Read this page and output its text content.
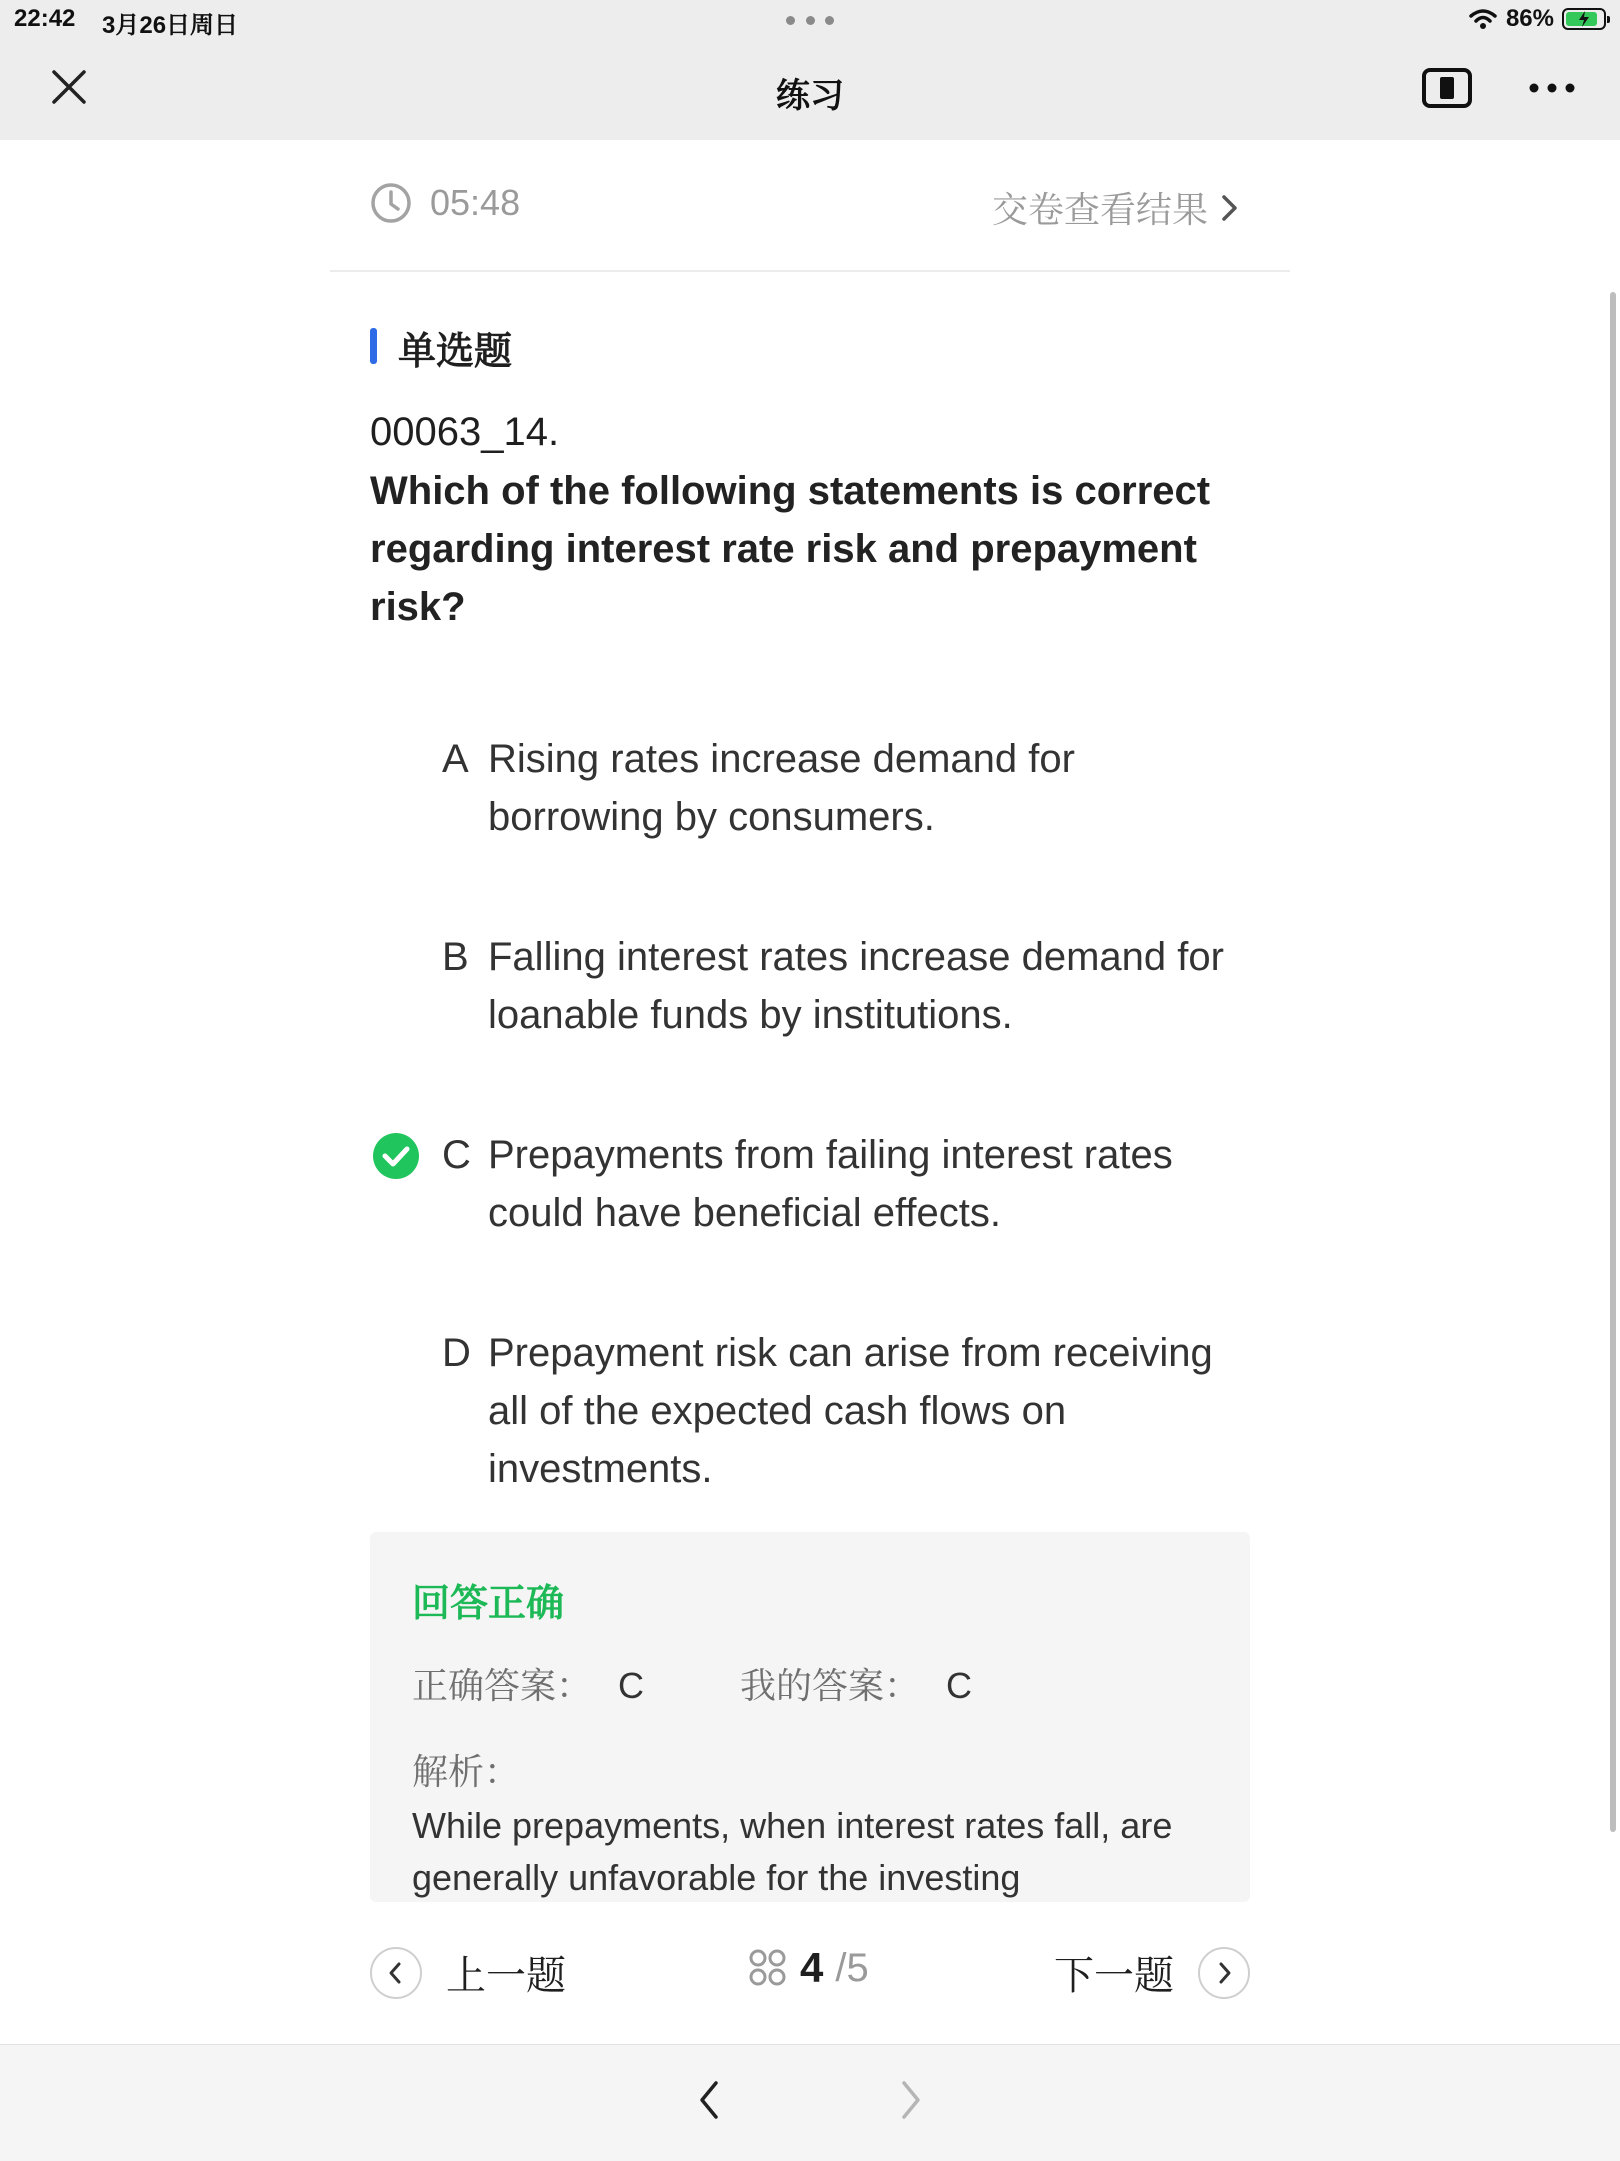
22:42 3月26日周日	86%
练习
05:48	交卷查看结果
单选题
00063_14.
Which of the following statements is correct regarding interest rate risk and prepayment risk?
A Rising rates increase demand for borrowing by consumers.
B Falling interest rates increase demand for loanable funds by institutions.
C Prepayments from failing interest rates could have beneficial effects.
D Prepayment risk can arise from receiving all of the expected cash flows on investments.
回答正确
正确答案： C	我的答案： C
解析：
While prepayments, when interest rates fall, are generally unfavorable for the investing
上一题	4 /5	下一题
